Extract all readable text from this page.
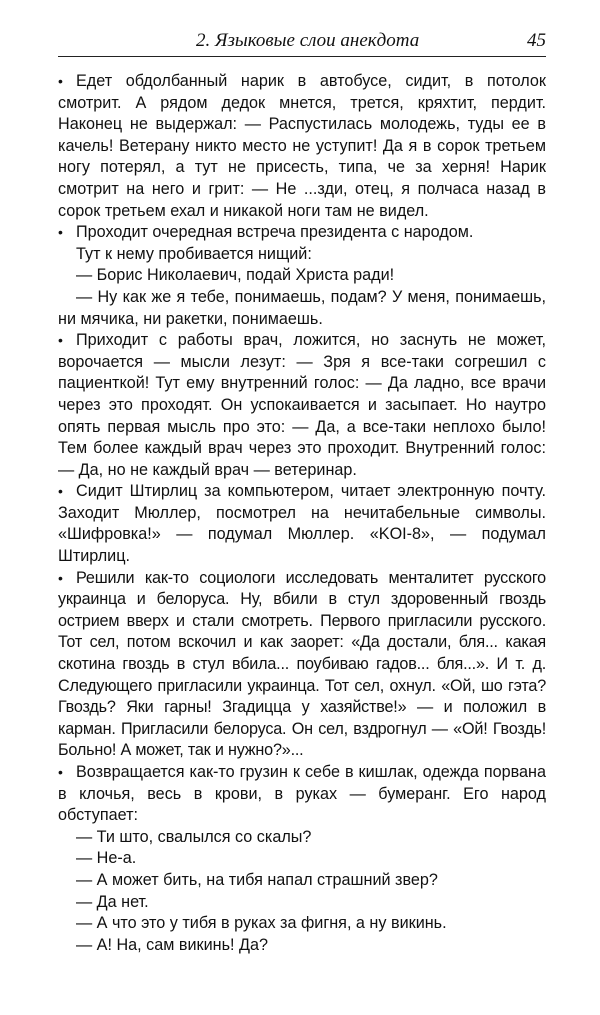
2. Языковые слои анекдота	45

• Едет обдолбанный нарик в автобусе, сидит, в потолок смотрит. А рядом дедок мнется, трется, кряхтит, пердит. Наконец не выдержал: — Распустилась молодежь, туды ее в качель! Ветерану никто место не уступит! Да я в сорок третьем ногу потерял, а тут не присесть, типа, че за херня! Нарик смотрит на него и грит: — Не ...зди, отец, я полчаса назад в сорок третьем ехал и никакой ноги там не видел.

• Проходит очередная встреча президента с народом.

Тут к нему пробивается нищий:

— Борис Николаевич, подай Христа ради!

— Ну как же я тебе, понимаешь, подам? У меня, понимаешь, ни мячика, ни ракетки, понимаешь.

• Приходит с работы врач, ложится, но заснуть не может, ворочается — мысли лезут: — Зря я все-таки согрешил с пациенткой! Тут ему внутренний голос: — Да ладно, все врачи через это проходят. Он успокаивается и засыпает. Но наутро опять первая мысль про это: — Да, а все-таки неплохо было! Тем более каждый врач через это проходит. Внутренний голос: — Да, но не каждый врач — ветеринар.

• Сидит Штирлиц за компьютером, читает электронную почту. Заходит Мюллер, посмотрел на нечитабельные символы. «Шифровка!» — подумал Мюллер. «KOI-8», — подумал Штирлиц.

• Решили как-то социологи исследовать менталитет русского украинца и белоруса. Ну, вбили в стул здоровенный гвоздь острием вверх и стали смотреть. Первого пригласили русского. Тот сел, потом вскочил и как заорет: «Да достали, бля... какая скотина гвоздь в стул вбила... поубиваю гадов... бля...». И т. д. Следующего пригласили украинца. Тот сел, охнул. «Ой, шо гэта? Гвоздь? Яки гарны! Згадицца у хазяйстве!» — и положил в карман. Пригласили белоруса. Он сел, вздрогнул — «Ой! Гвоздь! Больно! А может, так и нужно?»...

• Возвращается как-то грузин к себе в кишлак, одежда порвана в клочья, весь в крови, в руках — бумеранг. Его народ обступает:

— Ти што, свалылся со скалы?

— Не-а.

— А может бить, на тибя напал страшний звер?

— Да нет.

— А что это у тибя в руках за фигня, а ну викинь.

— А! На, сам викинь! Да?
